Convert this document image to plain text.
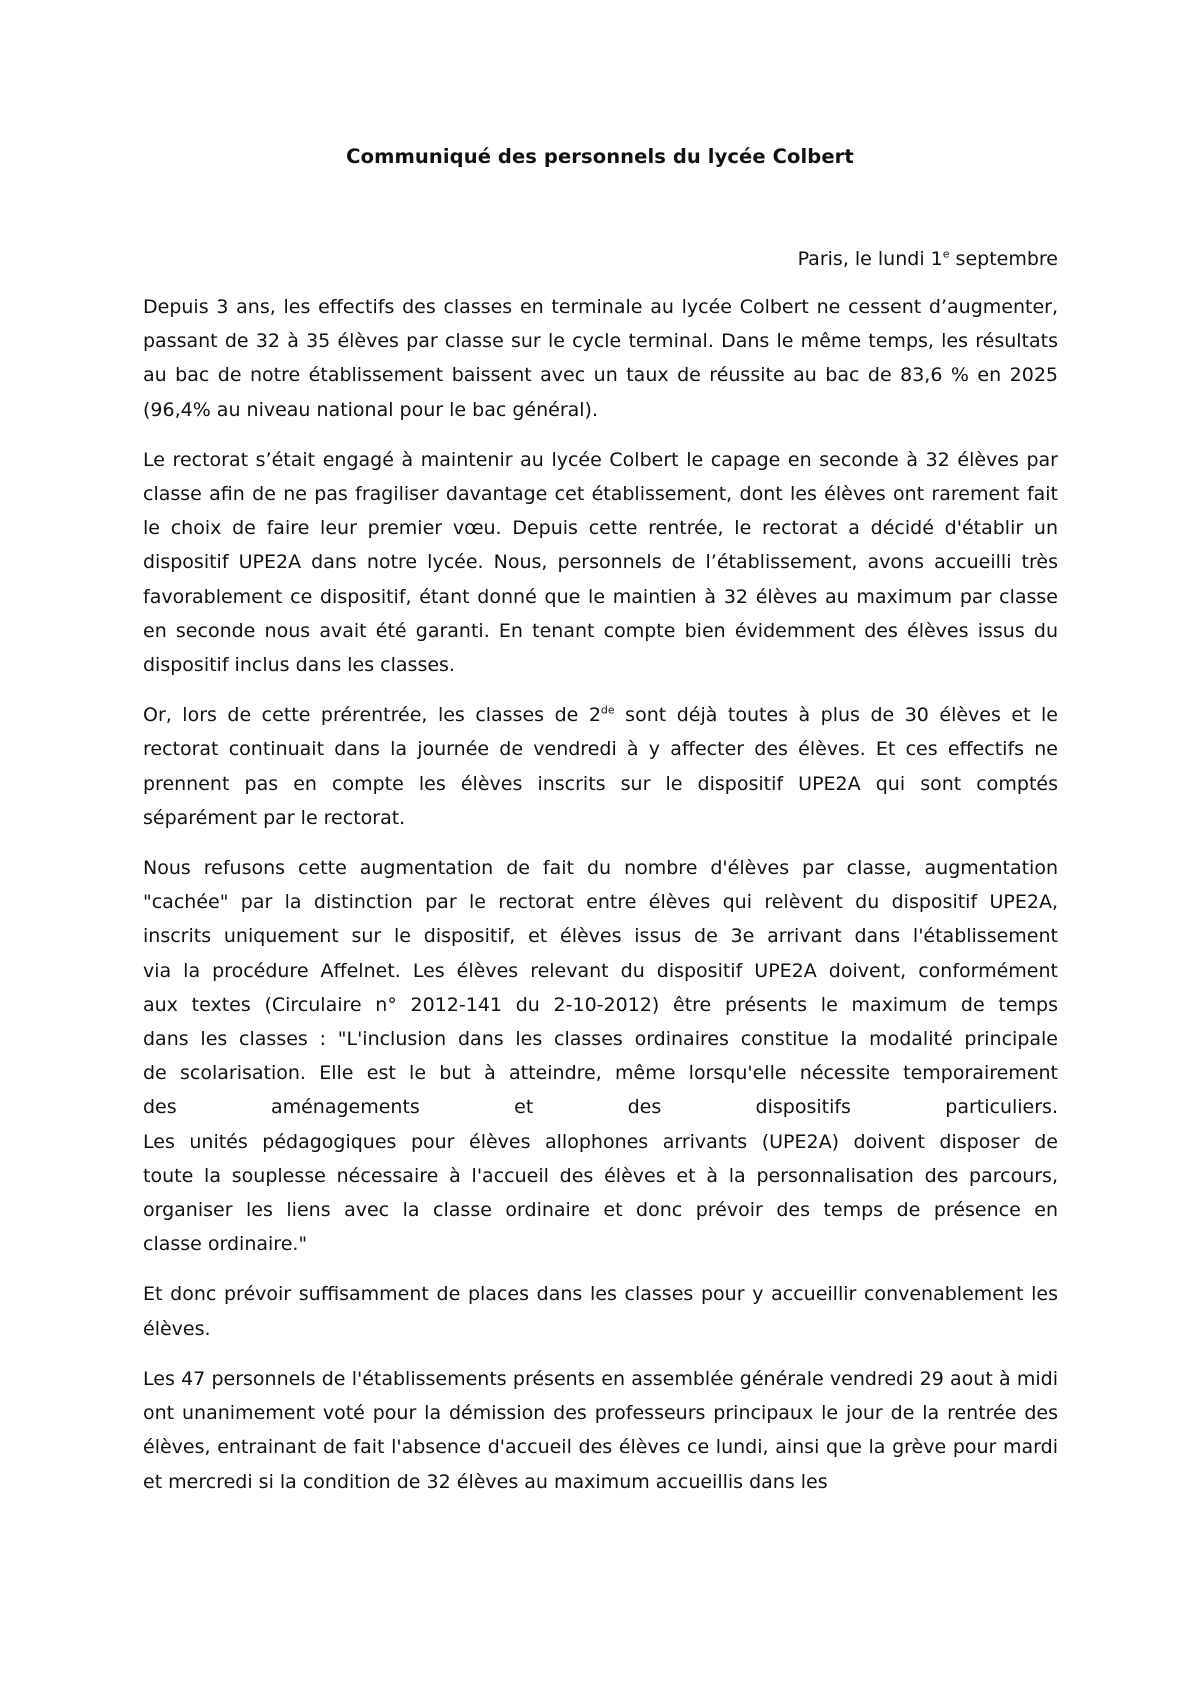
Communiqué des personnels du lycée Colbert
Paris, le lundi 1e septembre

Depuis 3 ans, les effectifs des classes en terminale au lycée Colbert ne cessent d’augmenter, passant de 32 à 35 élèves par classe sur le cycle terminal. Dans le même temps, les résultats au bac de notre établissement baissent avec un taux de réussite au bac de 83,6 % en 2025 (96,4% au niveau national pour le bac général).

Le rectorat s’était engagé à maintenir au lycée Colbert le capage en seconde à 32 élèves par classe afin de ne pas fragiliser davantage cet établissement, dont les élèves ont rarement fait le choix de faire leur premier vœu. Depuis cette rentrée, le rectorat a décidé d'établir un dispositif UPE2A dans notre lycée. Nous, personnels de l’établissement, avons accueilli très favorablement ce dispositif, étant donné que le maintien à 32 élèves au maximum par classe en seconde nous avait été garanti. En tenant compte bien évidemment des élèves issus du dispositif inclus dans les classes.

Or, lors de cette prérentrée, les classes de 2de sont déjà toutes à plus de 30 élèves et le rectorat continuait dans la journée de vendredi à y affecter des élèves. Et ces effectifs ne prennent pas en compte les élèves inscrits sur le dispositif UPE2A qui sont comptés séparément par le rectorat.

Nous refusons cette augmentation de fait du nombre d'élèves par classe, augmentation
"cachée" par la distinction par le rectorat entre élèves qui relèvent du dispositif UPE2A,
inscrits uniquement sur le dispositif, et élèves issus de 3e arrivant dans l'établissement
via la procédure Affelnet. Les élèves relevant du dispositif UPE2A doivent, conformément
aux textes (Circulaire n° 2012-141 du 2-10-2012) être présents le maximum de temps
dans les classes : "L'inclusion dans les classes ordinaires constitue la modalité principale
de scolarisation. Elle est le but à atteindre, même lorsqu'elle nécessite temporairement
des aménagements et des dispositifs particuliers.
Les unités pédagogiques pour élèves allophones arrivants (UPE2A) doivent disposer de
toute la souplesse nécessaire à l'accueil des élèves et à la personnalisation des parcours,
organiser les liens avec la classe ordinaire et donc prévoir des temps de présence en
classe ordinaire."

Et donc prévoir suffisamment de places dans les classes pour y accueillir convenablement les élèves.

Les 47 personnels de l'établissements présents en assemblée générale vendredi 29 aout à midi ont unanimement voté pour la démission des professeurs principaux le jour de la rentrée des élèves, entrainant de fait l'absence d'accueil des élèves ce lundi, ainsi que la grève pour mardi et mercredi si la condition de 32 élèves au maximum accueillis dans les
